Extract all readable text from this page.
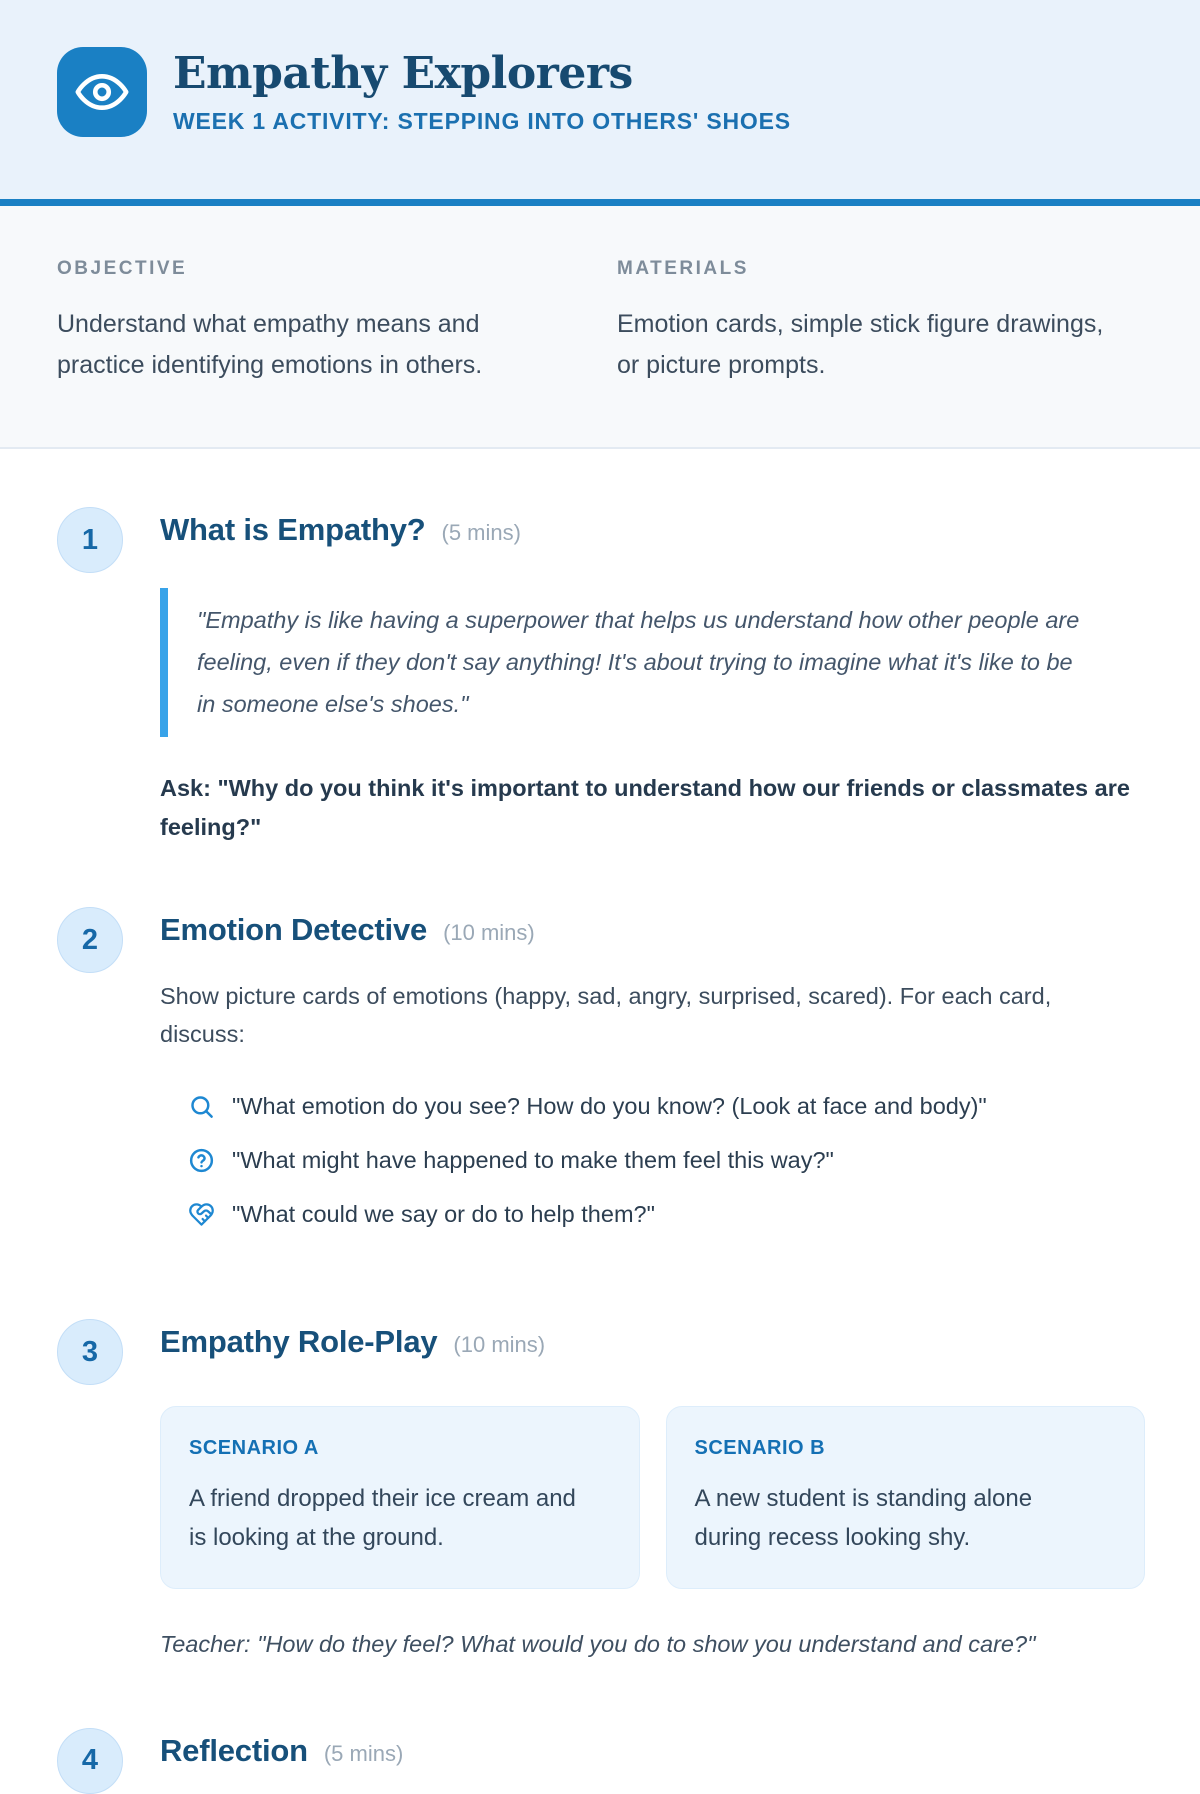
Empathy Explorers
WEEK 1 ACTIVITY: STEPPING INTO OTHERS' SHOES
OBJECTIVE
Understand what empathy means and practice identifying emotions in others.
MATERIALS
Emotion cards, simple stick figure drawings, or picture prompts.
1	What is Empathy? (5 mins)
"Empathy is like having a superpower that helps us understand how other people are feeling, even if they don't say anything! It's about trying to imagine what it's like to be in someone else's shoes."
Ask: "Why do you think it's important to understand how our friends or classmates are feeling?"
2	Emotion Detective (10 mins)
Show picture cards of emotions (happy, sad, angry, surprised, scared). For each card, discuss:
"What emotion do you see? How do you know? (Look at face and body)"
"What might have happened to make them feel this way?"
"What could we say or do to help them?"
3	Empathy Role-Play (10 mins)
SCENARIO A
A friend dropped their ice cream and is looking at the ground.
SCENARIO B
A new student is standing alone during recess looking shy.
Teacher: "How do they feel? What would you do to show you understand and care?"
4	Reflection (5 mins)
